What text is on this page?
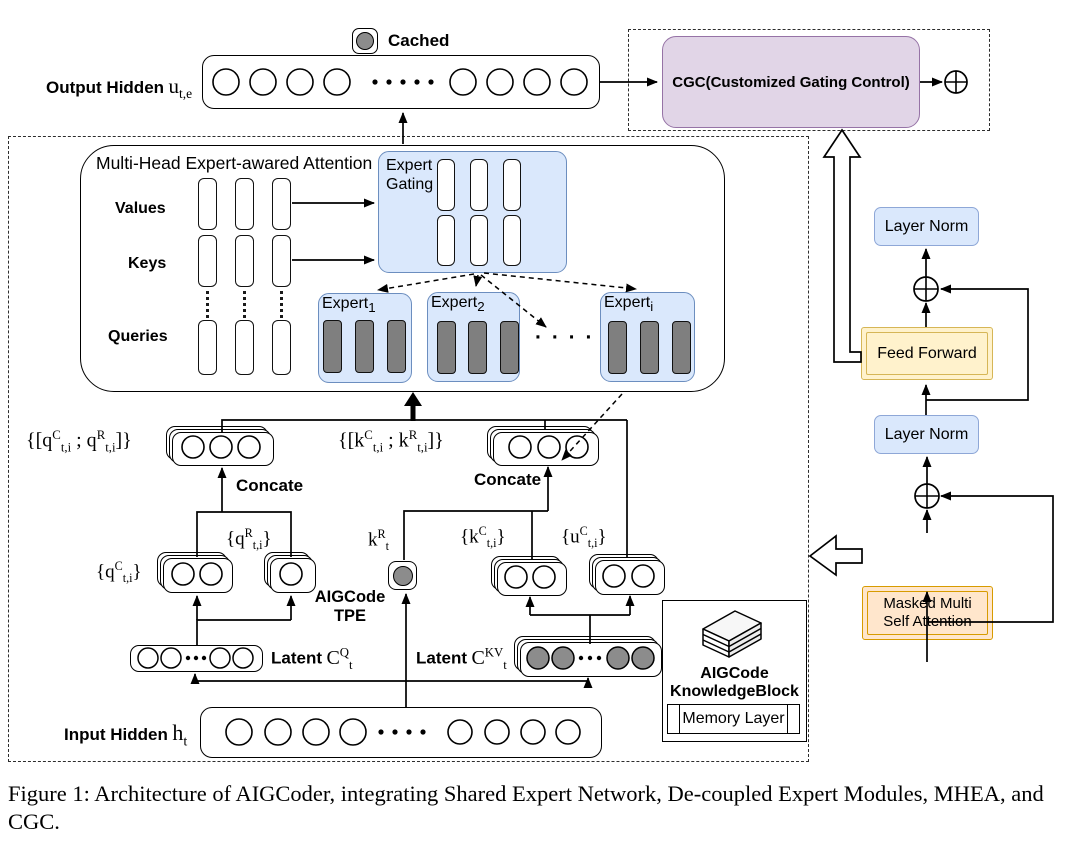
Cached
Output Hidden $u_{t,e}$
CGC(Customized Gating Control)
Multi-Head Expert-awared Attention
Values
Keys
Queries
Expert
Gating
Expert$_1$	Expert$_2$
· · · ·
Expert$_i$
{[$q^C_{t,i}$ ; $q^R_{t,i}$]}	{[$k^C_{t,i}$ ; $k^R_{t,i}$]}
Concate	Concate
$\{q^C_{t,i}\}$
$\{q^R_{t,i}\}$	$k^R_t$
AIGCode
TPE
$\{k^C_{t,i}\}$	$\{u^C_{t,i}\}$
Latent $C^Q_t$	Latent $C^{KV}_t$
Input Hidden $h_t$
AIGCode
KnowledgeBlock
Memory Layer
Layer Norm
Feed Forward
Layer Norm
Masked Multi
Self Attention
Figure 1: Architecture of AIGCoder, integrating Shared Expert Network, De-coupled Expert Modules, MHEA, and CGC.
